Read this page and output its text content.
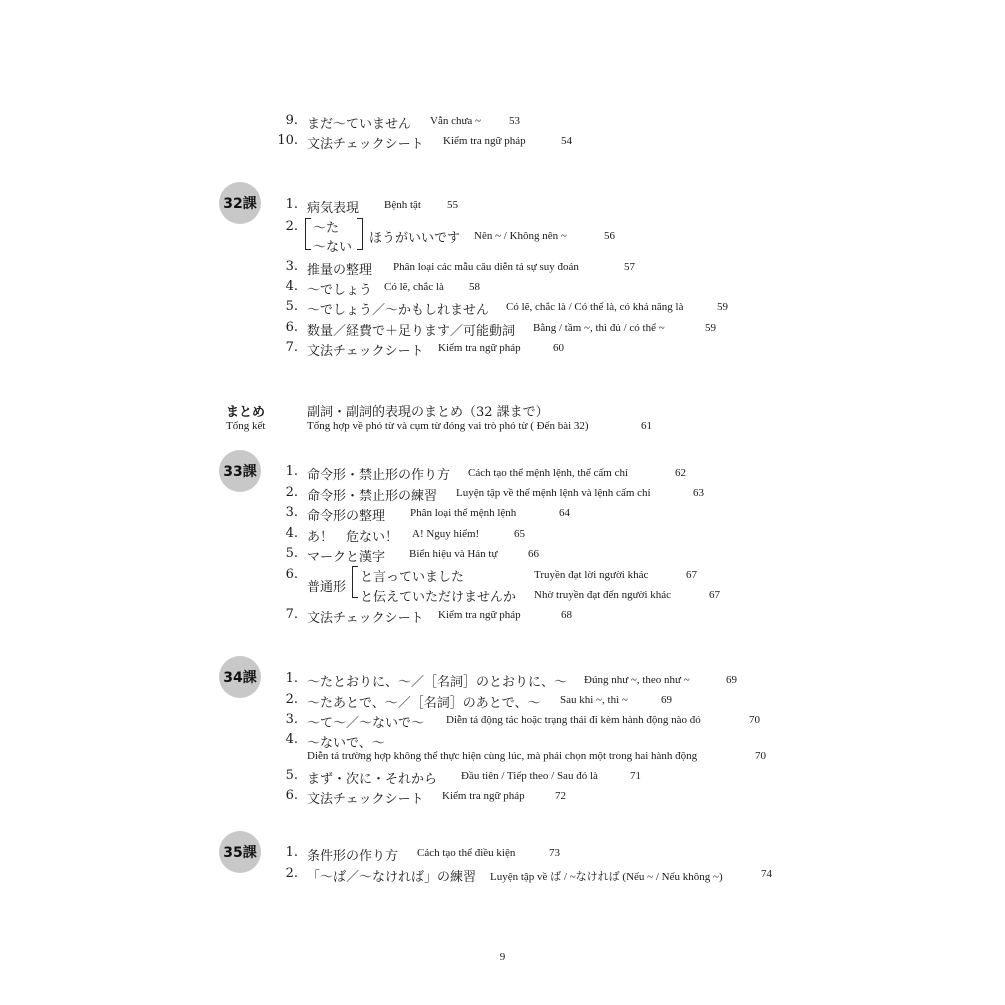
9. まだ〜ていません Vẫn chưa ~	53
10. 文法チェックシート Kiểm tra ngữ pháp	54
32課	1. 病気表現 Bệnh tật 55
2. 〜た
〜ない
ほうがいいです Nên ~ / Không nên ~	56
3. 推量の整理 Phân loại các mẫu câu diễn tả sự suy đoán	57
4. 〜でしょう Có lẽ, chắc là 58
5. 〜でしょう／〜かもしれません Có lẽ, chắc là / Có thể là, có khả năng là	59
6. 数量／経費で＋足ります／可能動詞 Bằng / tầm ~, thì đủ / có thể ~	59
7. 文法チェックシート Kiểm tra ngữ pháp	60
まとめ
Tổng kết
副詞・副詞的表現のまとめ（32 課まで）
Tổng hợp về phó từ và cụm từ đóng vai trò phó từ ( Đến bài 32)	61
33課	1. 命令形・禁止形の作り方 Cách tạo thể mệnh lệnh, thể cấm chỉ	62
2. 命令形・禁止形の練習 Luyện tập về thể mệnh lệnh và lệnh cấm chỉ	63
3. 命令形の整理 Phân loại thể mệnh lệnh	64
4. あ！　危ない！ A! Nguy hiểm!	65
5. マークと漢字 Biển hiệu và Hán tự	66
6.
普通形
と言っていました	Truyền đạt lời người khác	67
と伝えていただけませんか Nhờ truyền đạt đến người khác	67
7. 文法チェックシート Kiểm tra ngữ pháp	68
34課	1. 〜たとおりに、〜／［名詞］のとおりに、〜 Đúng như ~, theo như ~	69
2. 〜たあとで、〜／［名詞］のあとで、〜 Sau khi ~, thì ~	69
3. 〜て〜／〜ないで〜 Diễn tả động tác hoặc trạng thái đi kèm hành động nào đó	70
4. 〜ないで、〜
Diễn tả trường hợp không thể thực hiện cùng lúc, mà phải chọn một trong hai hành động	70
5. まず・次に・それから Đầu tiên / Tiếp theo / Sau đó là	71
6. 文法チェックシート Kiểm tra ngữ pháp	72
35課	1. 条件形の作り方 Cách tạo thể điều kiện	73
2. 「〜ば／〜なければ」の練習 Luyện tập về ば / ~なければ (Nếu ~ / Nếu không ~)	74
9
